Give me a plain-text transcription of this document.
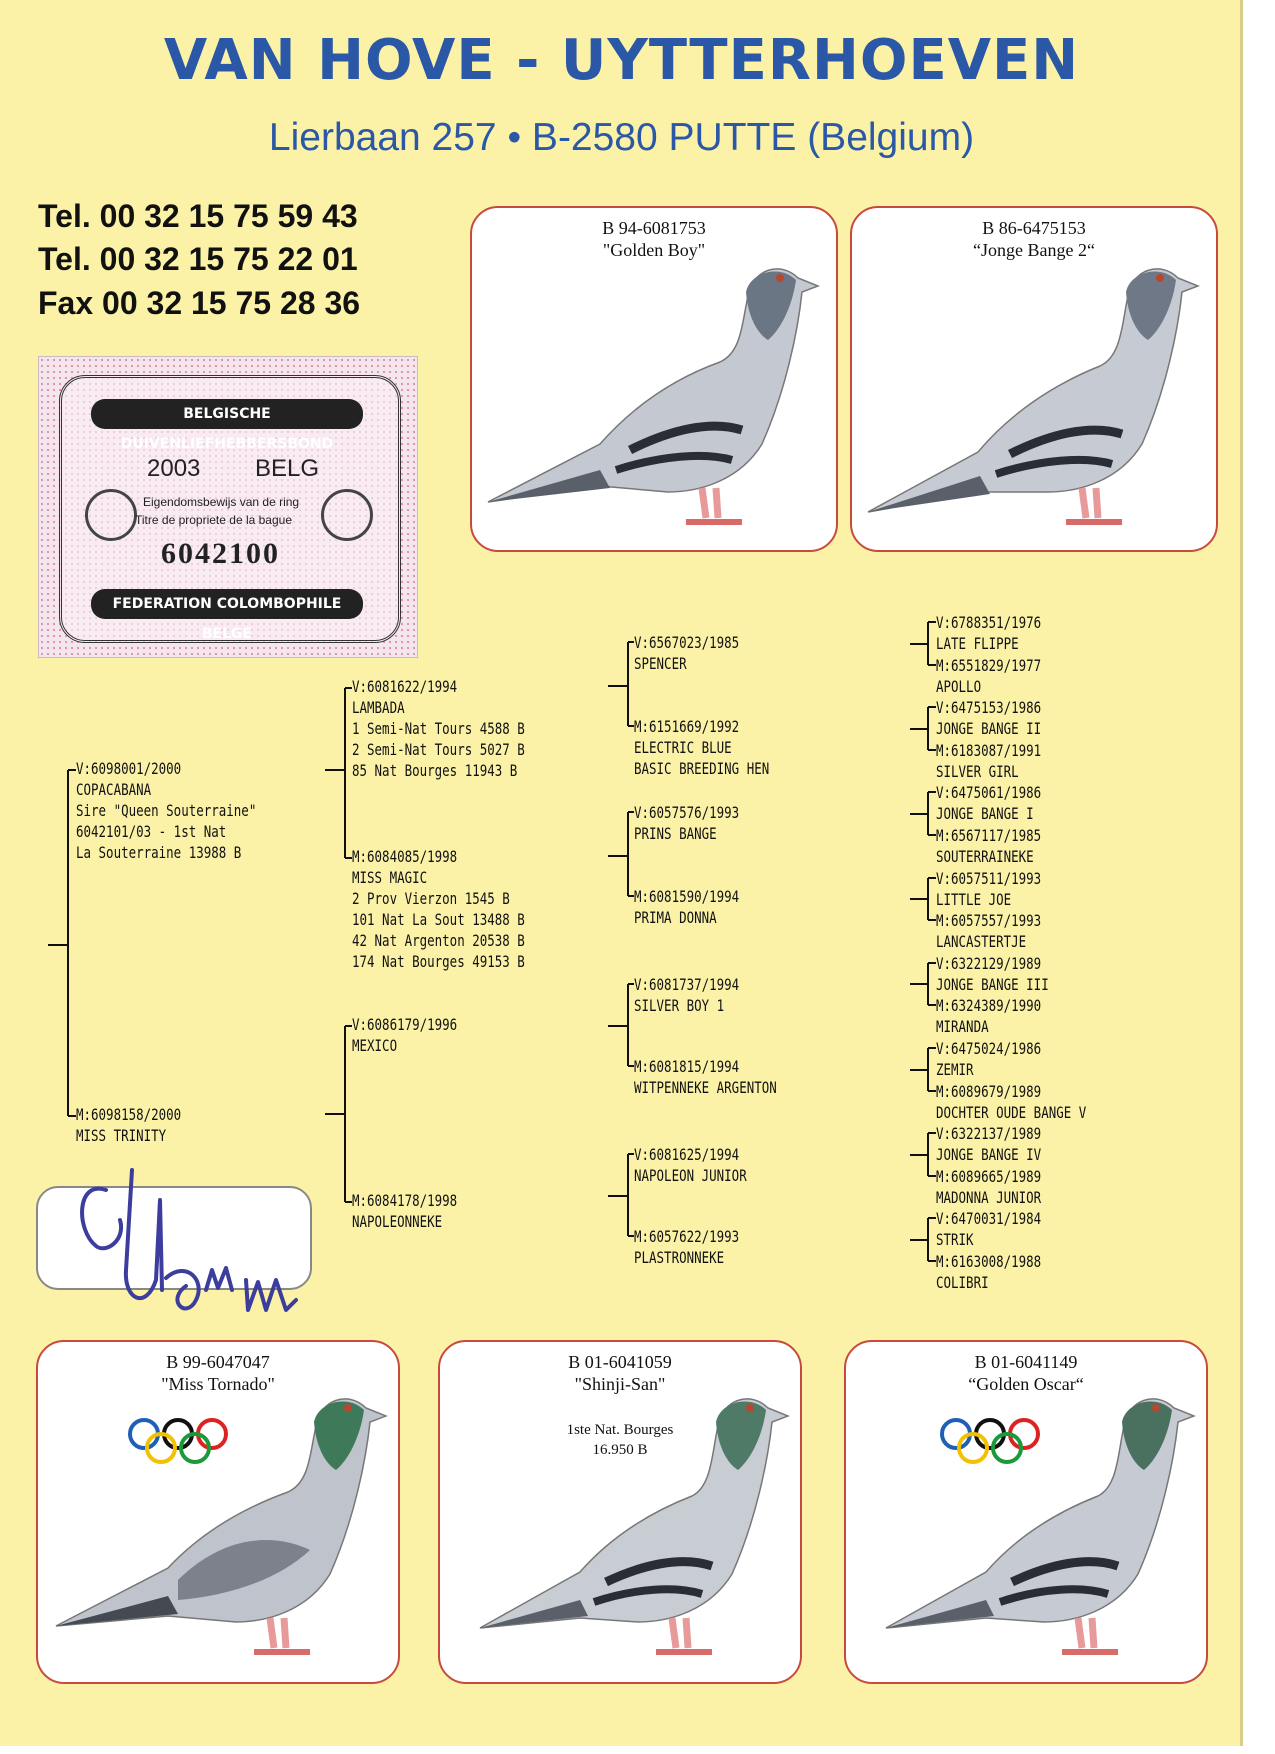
VAN HOVE - UYTTERHOEVEN
Lierbaan 257 • B-2580 PUTTE (Belgium)
Tel. 00 32 15 75 59 43
Tel. 00 32 15 75 22 01
Fax 00 32 15 75 28 36
BELGISCHE DUIVENLIEFHEBBERSBOND
2003 BELG
Eigendomsbewijs van de ring
Titre de propriete de la bague
6042100
FEDERATION COLOMBOPHILE BELGE
B 94-6081753
"Golden Boy"
B 86-6475153
“Jonge Bange 2“
V:6098001/2000
COPACABANA
Sire "Queen Souterraine"
6042101/03 - 1st Nat
La Souterraine 13988 B
M:6098158/2000
MISS TRINITY
V:6081622/1994
LAMBADA
1 Semi-Nat Tours 4588 B
2 Semi-Nat Tours 5027 B
85 Nat Bourges 11943 B
M:6084085/1998
MISS MAGIC
2 Prov Vierzon 1545 B
101 Nat La Sout 13488 B
42 Nat Argenton 20538 B
174 Nat Bourges 49153 B
V:6086179/1996
MEXICO
M:6084178/1998
NAPOLEONNEKE
V:6567023/1985
SPENCER
M:6151669/1992
ELECTRIC BLUE
BASIC BREEDING HEN
V:6057576/1993
PRINS BANGE
M:6081590/1994
PRIMA DONNA
V:6081737/1994
SILVER BOY 1
M:6081815/1994
WITPENNEKE ARGENTON
V:6081625/1994
NAPOLEON JUNIOR
M:6057622/1993
PLASTRONNEKE
V:6788351/1976
LATE FLIPPE
M:6551829/1977
APOLLO
V:6475153/1986
JONGE BANGE II
M:6183087/1991
SILVER GIRL
V:6475061/1986
JONGE BANGE I
M:6567117/1985
SOUTERRAINEKE
V:6057511/1993
LITTLE JOE
M:6057557/1993
LANCASTERTJE
V:6322129/1989
JONGE BANGE III
M:6324389/1990
MIRANDA
V:6475024/1986
ZEMIR
M:6089679/1989
DOCHTER OUDE BANGE V
V:6322137/1989
JONGE BANGE IV
M:6089665/1989
MADONNA JUNIOR
V:6470031/1984
STRIK
M:6163008/1988
COLIBRI
B 99-6047047
"Miss Tornado"
B 01-6041059
"Shinji-San"
1ste Nat. Bourges
16.950 B
B 01-6041149
“Golden Oscar“
